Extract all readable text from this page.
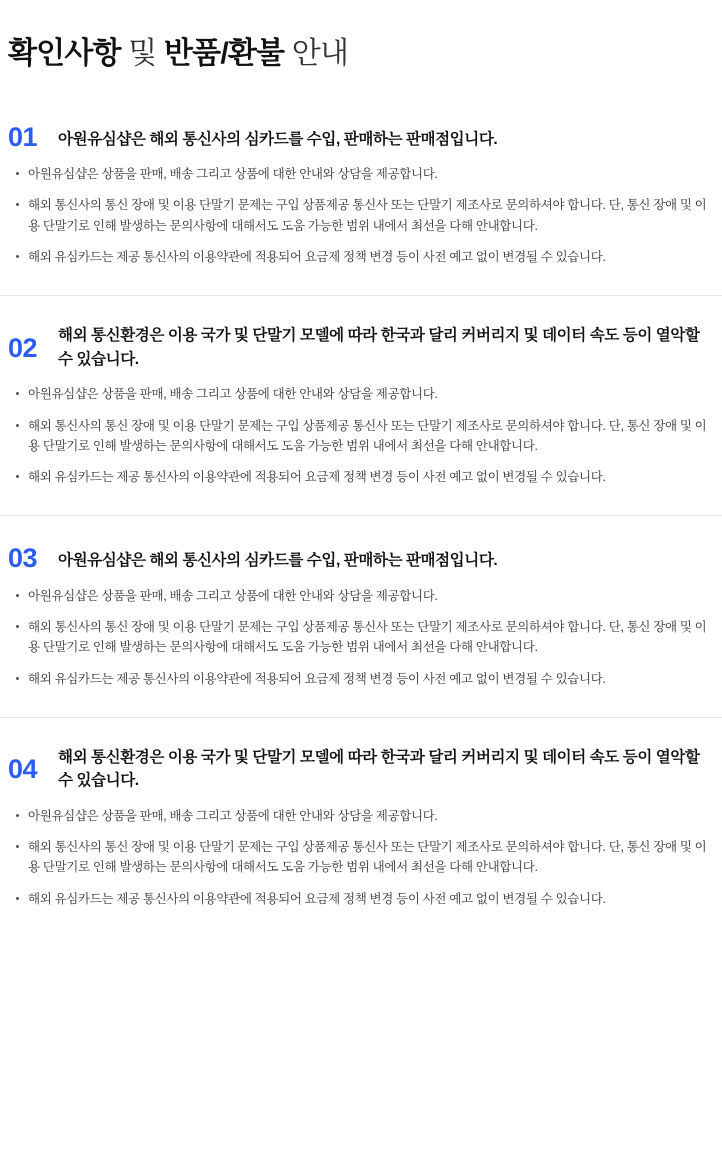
확인사항 및 반품/환불 안내
01	아원유심샵은 해외 통신사의 심카드를 수입, 판매하는 판매점입니다.
아원유심샵은 상품을 판매, 배송 그리고 상품에 대한 안내와 상담을 제공합니다.
해외 통신사의 통신 장애 및 이용 단말기 문제는 구입 상품제공 통신사 또는 단말기 제조사로 문의하셔야 합니다. 단, 통신 장애 및 이용 단말기로 인해 발생하는 문의사항에 대해서도 도움 가능한 범위 내에서 최선을 다해 안내합니다.
해외 유심카드는 제공 통신사의 이용약관에 적용되어 요금제 정책 변경 등이 사전 예고 없이 변경될 수 있습니다.
02	해외 통신환경은 이용 국가 및 단말기 모델에 따라 한국과 달리 커버리지 및 데이터 속도 등이 열악할 수 있습니다.
아원유심샵은 상품을 판매, 배송 그리고 상품에 대한 안내와 상담을 제공합니다.
해외 통신사의 통신 장애 및 이용 단말기 문제는 구입 상품제공 통신사 또는 단말기 제조사로 문의하셔야 합니다. 단, 통신 장애 및 이용 단말기로 인해 발생하는 문의사항에 대해서도 도움 가능한 범위 내에서 최선을 다해 안내합니다.
해외 유심카드는 제공 통신사의 이용약관에 적용되어 요금제 정책 변경 등이 사전 예고 없이 변경될 수 있습니다.
03	아원유심샵은 해외 통신사의 심카드를 수입, 판매하는 판매점입니다.
아원유심샵은 상품을 판매, 배송 그리고 상품에 대한 안내와 상담을 제공합니다.
해외 통신사의 통신 장애 및 이용 단말기 문제는 구입 상품제공 통신사 또는 단말기 제조사로 문의하셔야 합니다. 단, 통신 장애 및 이용 단말기로 인해 발생하는 문의사항에 대해서도 도움 가능한 범위 내에서 최선을 다해 안내합니다.
해외 유심카드는 제공 통신사의 이용약관에 적용되어 요금제 정책 변경 등이 사전 예고 없이 변경될 수 있습니다.
04	해외 통신환경은 이용 국가 및 단말기 모델에 따라 한국과 달리 커버리지 및 데이터 속도 등이 열악할 수 있습니다.
아원유심샵은 상품을 판매, 배송 그리고 상품에 대한 안내와 상담을 제공합니다.
해외 통신사의 통신 장애 및 이용 단말기 문제는 구입 상품제공 통신사 또는 단말기 제조사로 문의하셔야 합니다. 단, 통신 장애 및 이용 단말기로 인해 발생하는 문의사항에 대해서도 도움 가능한 범위 내에서 최선을 다해 안내합니다.
해외 유심카드는 제공 통신사의 이용약관에 적용되어 요금제 정책 변경 등이 사전 예고 없이 변경될 수 있습니다.
